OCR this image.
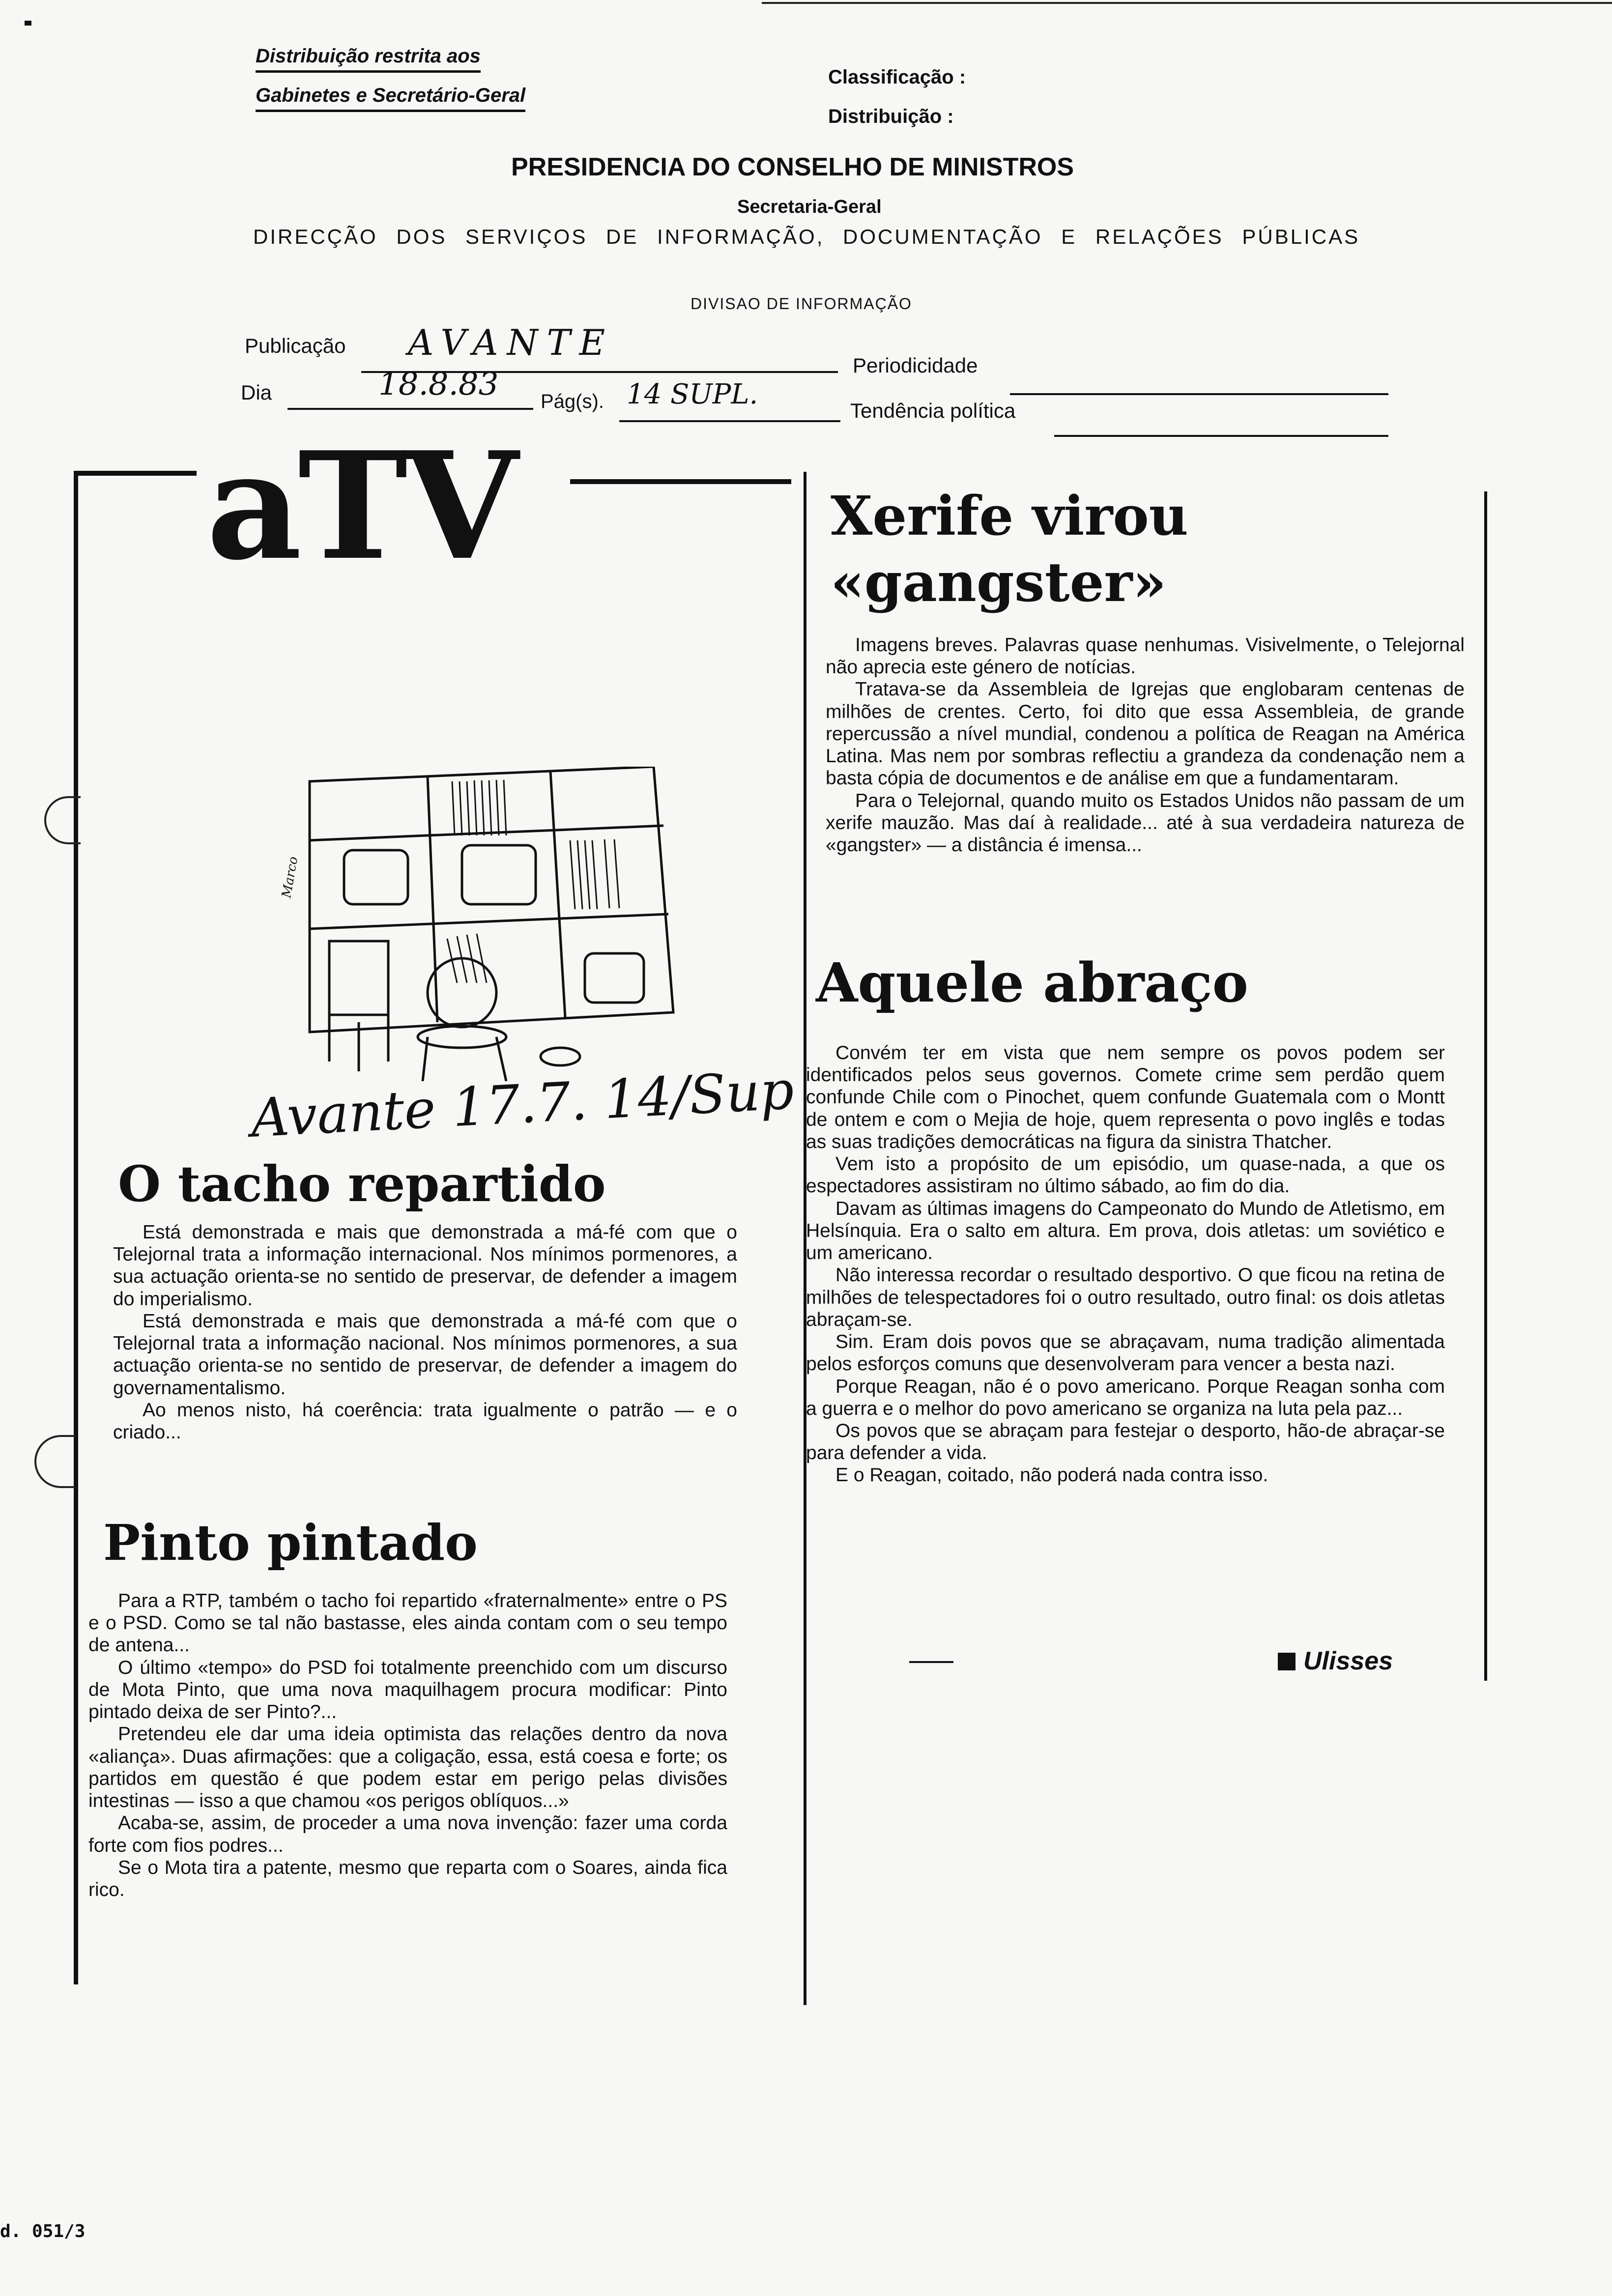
Distribuição restrita aos
Gabinetes e Secretário-Geral
Classificação :
Distribuição :
PRESIDENCIA DO CONSELHO DE MINISTROS
Secretaria-Geral
DIRECÇÃO DOS SERVIÇOS DE INFORMAÇÃO, DOCUMENTAÇÃO E RELAÇÕES PÚBLICAS
DIVISAO DE INFORMAÇÃO
Publicação AVANTE
Periodicidade
Dia	18.8.83 Pág(s). 14 SUPL.
Tendência política
aTV
Marco
Avante 17.7. 14/Sup
O tacho repartido

Está demonstrada e mais que demonstrada a má-fé com que o Telejornal trata a informação internacional. Nos mínimos pormenores, a sua actuação orienta-se no sentido de preservar, de defender a imagem do imperialismo.

Está demonstrada e mais que demonstrada a má-fé com que o Telejornal trata a informação nacional. Nos mínimos pormenores, a sua actuação orienta-se no sentido de preservar, de defender a imagem do governamentalismo.

Ao menos nisto, há coerência: trata igualmente o patrão — e o criado...

Pinto pintado

Para a RTP, também o tacho foi repartido «fraternalmente» entre o PS e o PSD. Como se tal não bastasse, eles ainda contam com o seu tempo de antena...

O último «tempo» do PSD foi totalmente preenchido com um discurso de Mota Pinto, que uma nova maquilhagem procura modificar: Pinto pintado deixa de ser Pinto?...

Pretendeu ele dar uma ideia optimista das relações dentro da nova «aliança». Duas afirmações: que a coligação, essa, está coesa e forte; os partidos em questão é que podem estar em perigo pelas divisões intestinas — isso a que chamou «os perigos oblíquos...»

Acaba-se, assim, de proceder a uma nova invenção: fazer uma corda forte com fios podres...

Se o Mota tira a patente, mesmo que reparta com o Soares, ainda fica rico.

Xerife virou
«gangster»

Imagens breves. Palavras quase nenhumas. Visivelmente, o Telejornal não aprecia este género de notícias.

Tratava-se da Assembleia de Igrejas que englobaram centenas de milhões de crentes. Certo, foi dito que essa Assembleia, de grande repercussão a nível mundial, condenou a política de Reagan na América Latina. Mas nem por sombras reflectiu a grandeza da condenação nem a basta cópia de documentos e de análise em que a fundamentaram.

Para o Telejornal, quando muito os Estados Unidos não passam de um xerife mauzão. Mas daí à realidade... até à sua verdadeira natureza de «gangster» — a distância é imensa...

Aquele abraço

Convém ter em vista que nem sempre os povos podem ser identificados pelos seus governos. Comete crime sem perdão quem confunde Chile com o Pinochet, quem confunde Guatemala com o Montt de ontem e com o Mejia de hoje, quem representa o povo inglês e todas as suas tradições democráticas na figura da sinistra Thatcher.

Vem isto a propósito de um episódio, um quase-nada, a que os espectadores assistiram no último sábado, ao fim do dia.

Davam as últimas imagens do Campeonato do Mundo de Atletismo, em Helsínquia. Era o salto em altura. Em prova, dois atletas: um soviético e um americano.

Não interessa recordar o resultado desportivo. O que ficou na retina de milhões de telespectadores foi o outro resultado, outro final: os dois atletas abraçam-se.

Sim. Eram dois povos que se abraçavam, numa tradição alimentada pelos esforços comuns que desenvolveram para vencer a besta nazi.

Porque Reagan, não é o povo americano. Porque Reagan sonha com a guerra e o melhor do povo americano se organiza na luta pela paz...

Os povos que se abraçam para festejar o desporto, hão-de abraçar-se para defender a vida.

E o Reagan, coitado, não poderá nada contra isso.

Ulisses
d. 051/3
